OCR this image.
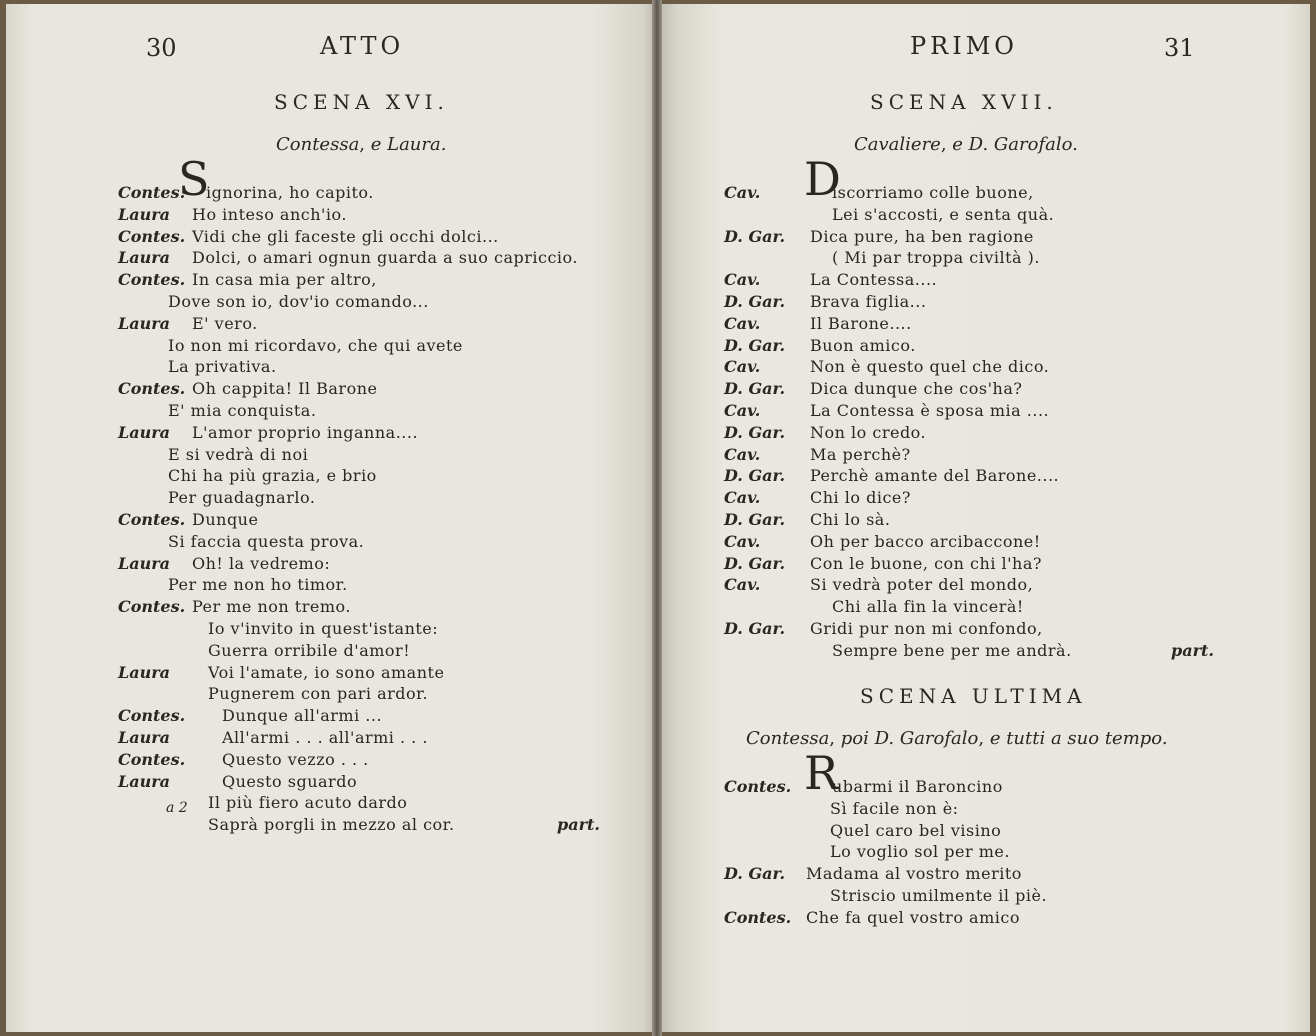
30	ATTO
SCENA XVI.
Contessa, e Laura.
Contes.
S
ignorina, ho capito.
Laura Ho inteso anch'io.
Contes. Vidi che gli faceste gli occhi dolci...
Laura Dolci, o amari ognun guarda a suo capriccio.
Contes. In casa mia per altro,
Dove son io, dov'io comando...
Laura E' vero.
Io non mi ricordavo, che qui avete
La privativa.
Contes. Oh cappita! Il Barone
E' mia conquista.
Laura L'amor proprio inganna....
E si vedrà di noi
Chi ha più grazia, e brio
Per guadagnarlo.
Contes. Dunque
Si faccia questa prova.
Laura Oh! la vedremo:
Per me non ho timor.
Contes. Per me non tremo.
Io v'invito in quest'istante:
Guerra orribile d'amor!
Laura Voi l'amate, io sono amante
Pugnerem con pari ardor.
Contes. Dunque all'armi ...
Laura	All'armi . . . all'armi . . .
Contes. Questo vezzo . . .
Laura	Questo sguardo
Il più fiero acuto dardo
Saprà porgli in mezzo al cor.	part.
a 2
PRIMO	31
SCENA XVII.
Cavaliere, e D. Garofalo.
Cav. D
iscorriamo colle buone,
Lei s'accosti, e senta quà.
D. Gar. Dica pure, ha ben ragione
( Mi par troppa civiltà ).
Cav.	La Contessa....
D. Gar. Brava figlia...
Cav.	Il Barone....
D. Gar. Buon amico.
Cav.	Non è questo quel che dico.
D. Gar. Dica dunque che cos'ha?
Cav.	La Contessa è sposa mia ....
D. Gar. Non lo credo.
Cav.	Ma perchè?
D. Gar. Perchè amante del Barone....
Cav.	Chi lo dice?
D. Gar. Chi lo sà.
Cav.	Oh per bacco arcibaccone!
D. Gar. Con le buone, con chi l'ha?
Cav.	Si vedrà poter del mondo,
Chi alla fin la vincerà!
D. Gar. Gridi pur non mi confondo,
Sempre bene per me andrà.	part.
SCENA ULTIMA
Contessa, poi D. Garofalo, e tutti a suo tempo.
Contes. R
ubarmi il Baroncino
Sì facile non è:
Quel caro bel visino
Lo voglio sol per me.
D. Gar. Madama al vostro merito
Striscio umilmente il piè.
Contes. Che fa quel vostro amico
